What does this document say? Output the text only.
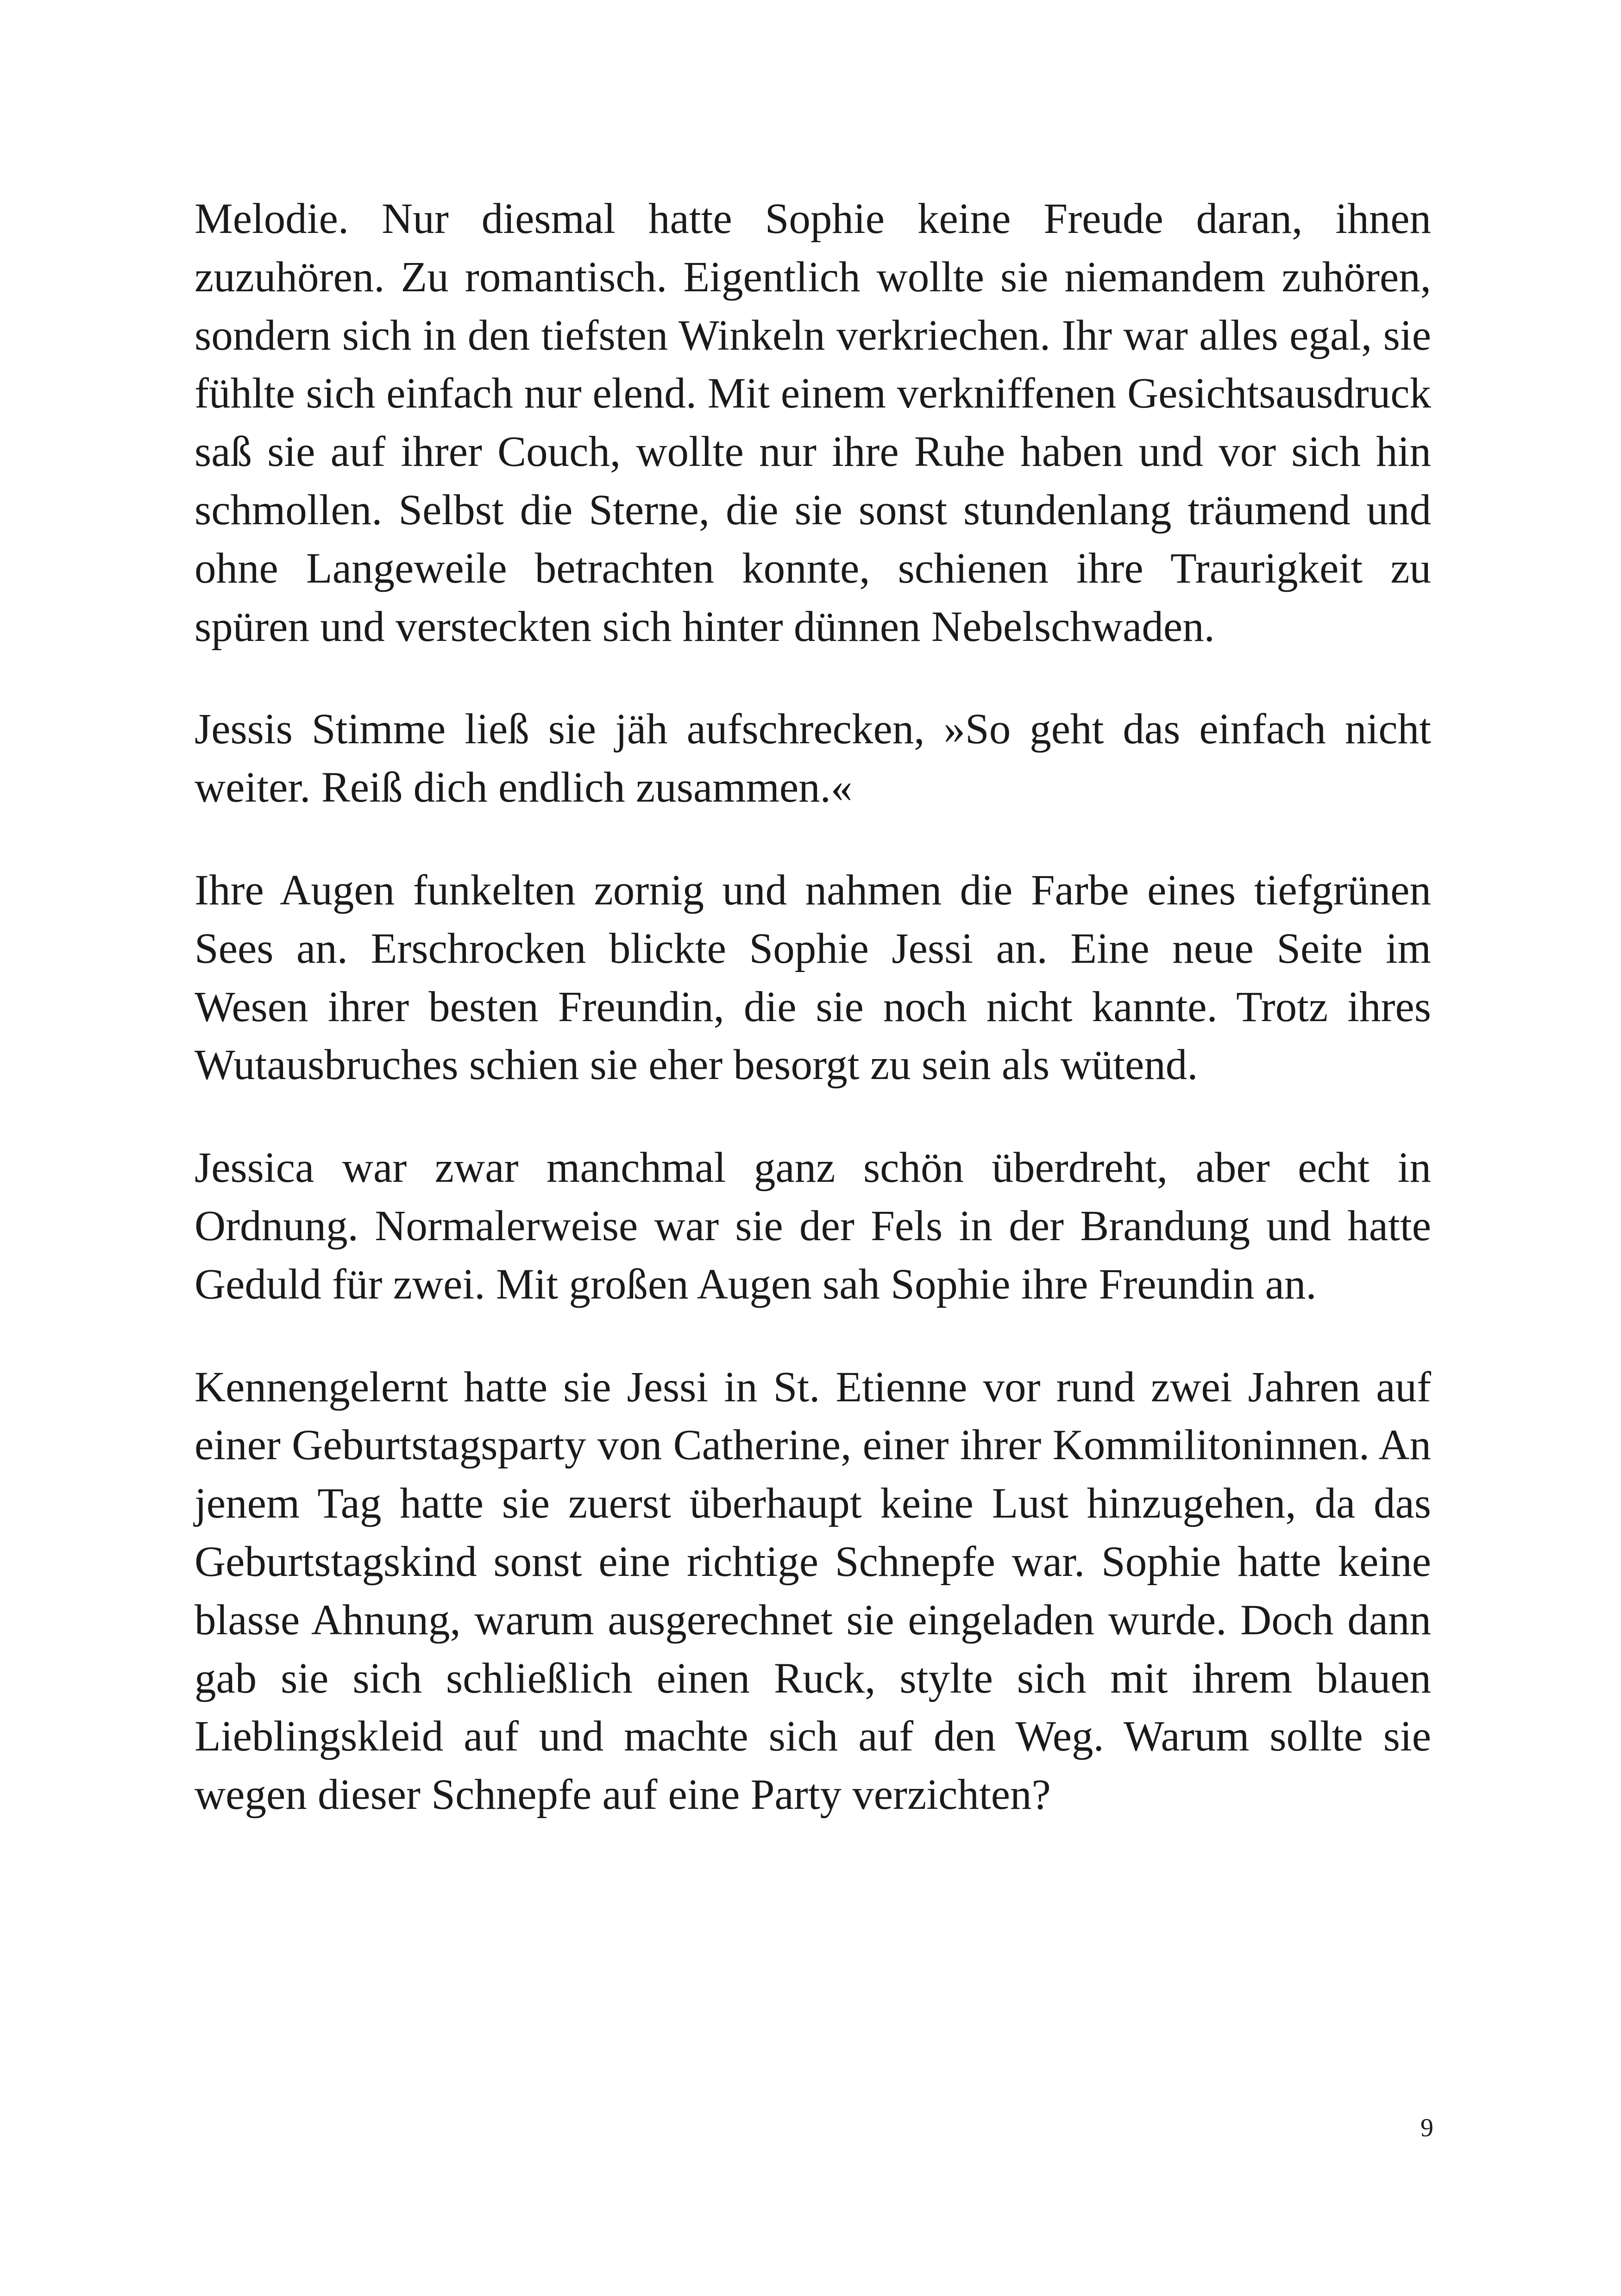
Melodie. Nur diesmal hatte Sophie keine Freude daran, ihnen zuzuhören. Zu romantisch. Eigentlich wollte sie niemandem zuhören, sondern sich in den tiefsten Winkeln verkriechen. Ihr war alles egal, sie fühlte sich einfach nur elend. Mit einem verkniffenen Gesichtsausdruck saß sie auf ihrer Couch, wollte nur ihre Ruhe haben und vor sich hin schmollen. Selbst die Sterne, die sie sonst stundenlang träumend und ohne Langeweile betrachten konnte, schienen ihre Traurigkeit zu spüren und versteckten sich hinter dünnen Nebelschwaden.

Jessis Stimme ließ sie jäh aufschrecken, »So geht das einfach nicht weiter. Reiß dich endlich zusammen.«

Ihre Augen funkelten zornig und nahmen die Farbe eines tiefgrünen Sees an. Erschrocken blickte Sophie Jessi an. Eine neue Seite im Wesen ihrer besten Freundin, die sie noch nicht kannte. Trotz ihres Wutausbruches schien sie eher besorgt zu sein als wütend.

Jessica war zwar manchmal ganz schön überdreht, aber echt in Ordnung. Normalerweise war sie der Fels in der Brandung und hatte Geduld für zwei. Mit großen Augen sah Sophie ihre Freundin an.

Kennengelernt hatte sie Jessi in St. Etienne vor rund zwei Jahren auf einer Geburtstagsparty von Catherine, einer ihrer Kommilitoninnen. An jenem Tag hatte sie zuerst überhaupt keine Lust hinzugehen, da das Geburtstagskind sonst eine richtige Schnepfe war. Sophie hatte keine blasse Ahnung, warum ausgerechnet sie eingeladen wurde. Doch dann gab sie sich schließlich einen Ruck, stylte sich mit ihrem blauen Lieblingskleid auf und machte sich auf den Weg. Warum sollte sie wegen dieser Schnepfe auf eine Party verzichten?

9
